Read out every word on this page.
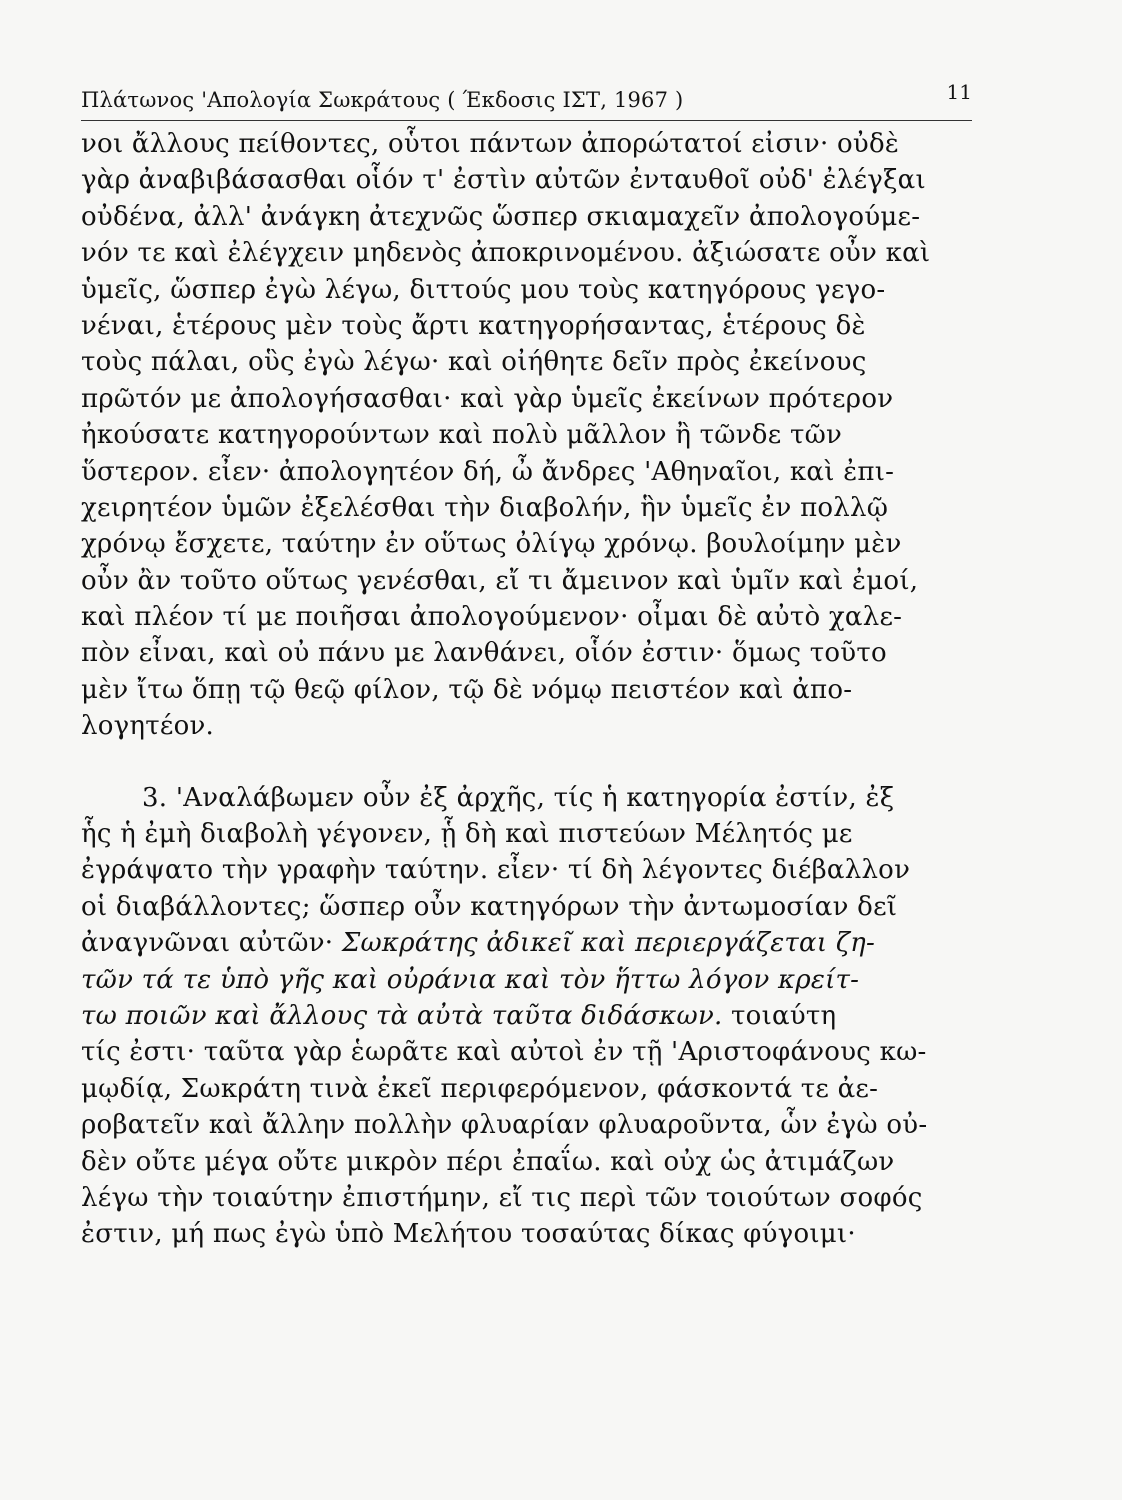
Πλάτωνος 'Απολογία Σωκράτους ( Έκδοσις ΙΣΤ, 1967 )	11
νοι ἄλλους πείθοντες, οὗτοι πάντων ἀπορώτατοί εἰσιν· οὐδὲ
γὰρ ἀναβιβάσασθαι οἷόν τ' ἐστὶν αὐτῶν ἐνταυθοῖ οὐδ' ἐλέγξαι
οὐδένα, ἀλλ' ἀνάγκη ἀτεχνῶς ὥσπερ σκιαμαχεῖν ἀπολογούμε-
νόν τε καὶ ἐλέγχειν μηδενὸς ἀποκρινομένου. ἀξιώσατε οὖν καὶ
ὑμεῖς, ὥσπερ ἐγὼ λέγω, διττούς μου τοὺς κατηγόρους γεγο-
νέναι, ἑτέρους μὲν τοὺς ἄρτι κατηγορήσαντας, ἑτέρους δὲ
τοὺς πάλαι, οὓς ἐγὼ λέγω· καὶ οἰήθητε δεῖν πρὸς ἐκείνους
πρῶτόν με ἀπολογήσασθαι· καὶ γὰρ ὑμεῖς ἐκείνων πρότερον
ἠκούσατε κατηγορούντων καὶ πολὺ μᾶλλον ἢ τῶνδε τῶν
ὕστερον. εἶεν· ἀπολογητέον δή, ὦ ἄνδρες 'Αθηναῖοι, καὶ ἐπι-
χειρητέον ὑμῶν ἐξελέσθαι τὴν διαβολήν, ἣν ὑμεῖς ἐν πολλῷ
χρόνῳ ἔσχετε, ταύτην ἐν οὕτως ὀλίγῳ χρόνῳ. βουλοίμην μὲν
οὖν ἂν τοῦτο οὕτως γενέσθαι, εἴ τι ἄμεινον καὶ ὑμῖν καὶ ἐμοί,
καὶ πλέον τί με ποιῆσαι ἀπολογούμενον· οἶμαι δὲ αὐτὸ χαλε-
πὸν εἶναι, καὶ οὐ πάνυ με λανθάνει, οἷόν ἐστιν· ὅμως τοῦτο
μὲν ἴτω ὅπῃ τῷ θεῷ φίλον, τῷ δὲ νόμῳ πειστέον καὶ ἀπο-
λογητέον.
3. 'Αναλάβωμεν οὖν ἐξ ἀρχῆς, τίς ἡ κατηγορία ἐστίν, ἐξ
ἧς ἡ ἐμὴ διαβολὴ γέγονεν, ᾗ δὴ καὶ πιστεύων Μέλητός με
ἐγράψατο τὴν γραφὴν ταύτην. εἶεν· τί δὴ λέγοντες διέβαλλον
οἱ διαβάλλοντες; ὥσπερ οὖν κατηγόρων τὴν ἀντωμοσίαν δεῖ
ἀναγνῶναι αὐτῶν· Σωκράτης ἀδικεῖ καὶ περιεργάζεται ζη-
τῶν τά τε ὑπὸ γῆς καὶ οὐράνια καὶ τὸν ἥττω λόγον κρείτ-
τω ποιῶν καὶ ἄλλους τὰ αὐτὰ ταῦτα διδάσκων. τοιαύτη
τίς ἐστι· ταῦτα γὰρ ἑωρᾶτε καὶ αὐτοὶ ἐν τῇ 'Αριστοφάνους κω-
μῳδίᾳ, Σωκράτη τινὰ ἐκεῖ περιφερόμενον, φάσκοντά τε ἀε-
ροβατεῖν καὶ ἄλλην πολλὴν φλυαρίαν φλυαροῦντα, ὧν ἐγὼ οὐ-
δὲν οὔτε μέγα οὔτε μικρὸν πέρι ἐπαΐω. καὶ οὐχ ὡς ἀτιμάζων
λέγω τὴν τοιαύτην ἐπιστήμην, εἴ τις περὶ τῶν τοιούτων σοφός
ἐστιν, μή πως ἐγὼ ὑπὸ Μελήτου τοσαύτας δίκας φύγοιμι·
